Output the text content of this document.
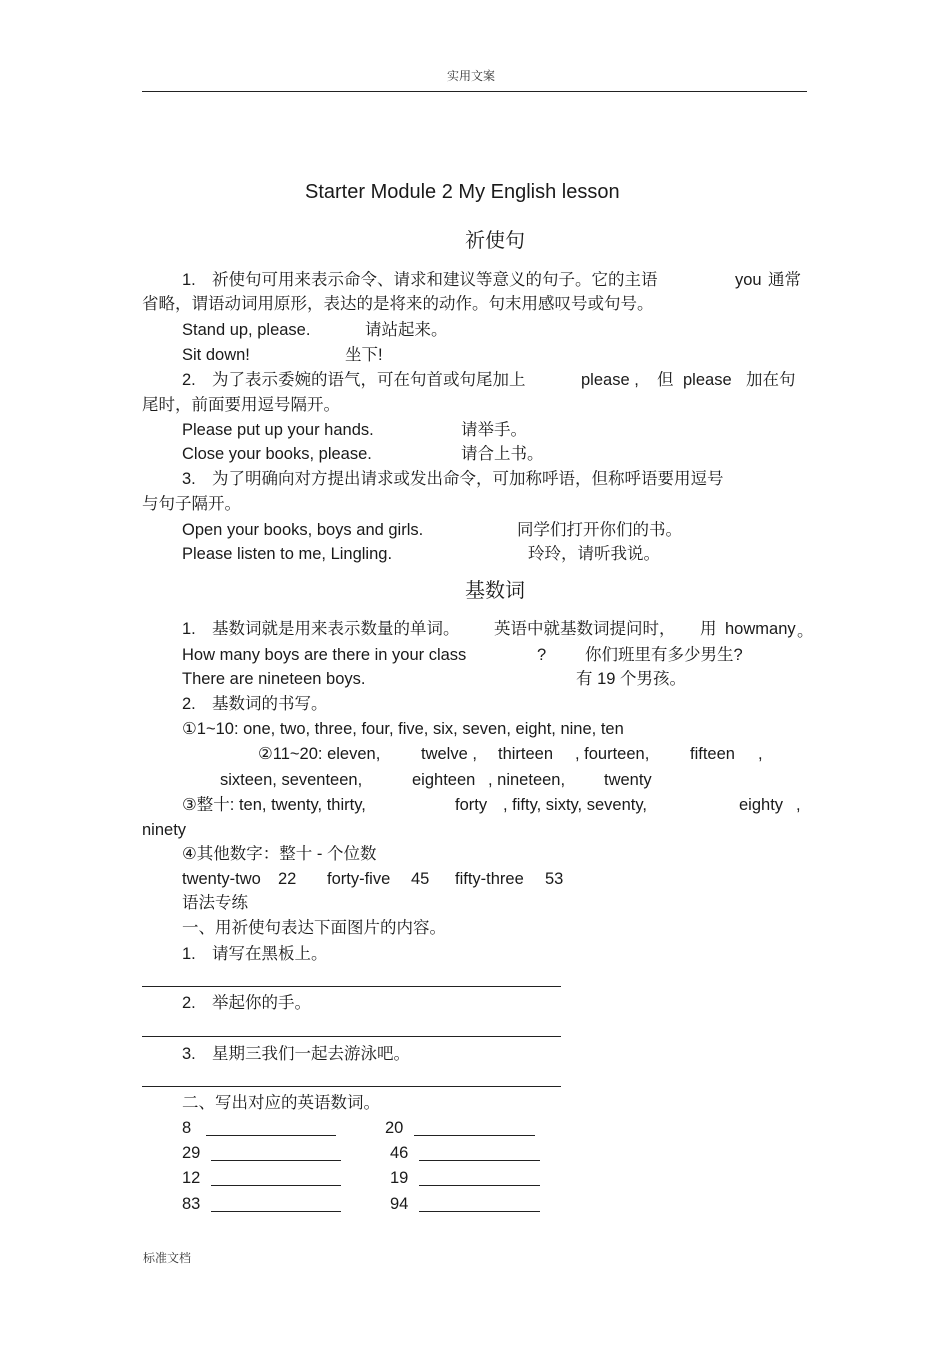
实用文案
Starter Module 2 My English lesson
祈使句
1. 祈使句可用来表示命令、请求和建议等意义的句子。它的主语	you 通常
省略，谓语动词用原形，表达的是将来的动作。句末用感叹号或句号。
Stand up, please.	请站起来。
Sit down!	坐下!
2. 为了表示委婉的语气，可在句首或句尾加上	please , 但 please 加在句
尾时，前面要用逗号隔开。
Please put up your hands.	请举手。
Close your books, please.	请合上书。
3. 为了明确向对方提出请求或发出命令，可加称呼语，但称呼语要用逗号
与句子隔开。
Open your books, boys and girls.	同学们打开你们的书。
Please listen to me, Lingling.	玲玲，请听我说。
基数词
1. 基数词就是用来表示数量的单词。 英语中就基数词提问时， 用 howmany 。
How many boys are there in your class	? 你们班里有多少男生?
There are nineteen boys.	有 19 个男孩。
2. 基数词的书写。
①1~10: one, two, three, four, five, six, seven, eight, nine, ten
②11~20: eleven, twelve , thirteen , fourteen, fifteen ,
sixteen, seventeen,	eighteen , nineteen, twenty
③整十: ten, twenty, thirty,	forty , fifty, sixty, seventy,	eighty ,
ninety
④其他数字：整十 - 个位数
twenty-two 22 forty-five 45 fifty-three 53
语法专练
一、用祈使句表达下面图片的内容。
1. 请写在黑板上。
2. 举起你的手。
3. 星期三我们一起去游泳吧。
二、写出对应的英语数词。
8	20
29	46
12	19
83	94
标准文档
